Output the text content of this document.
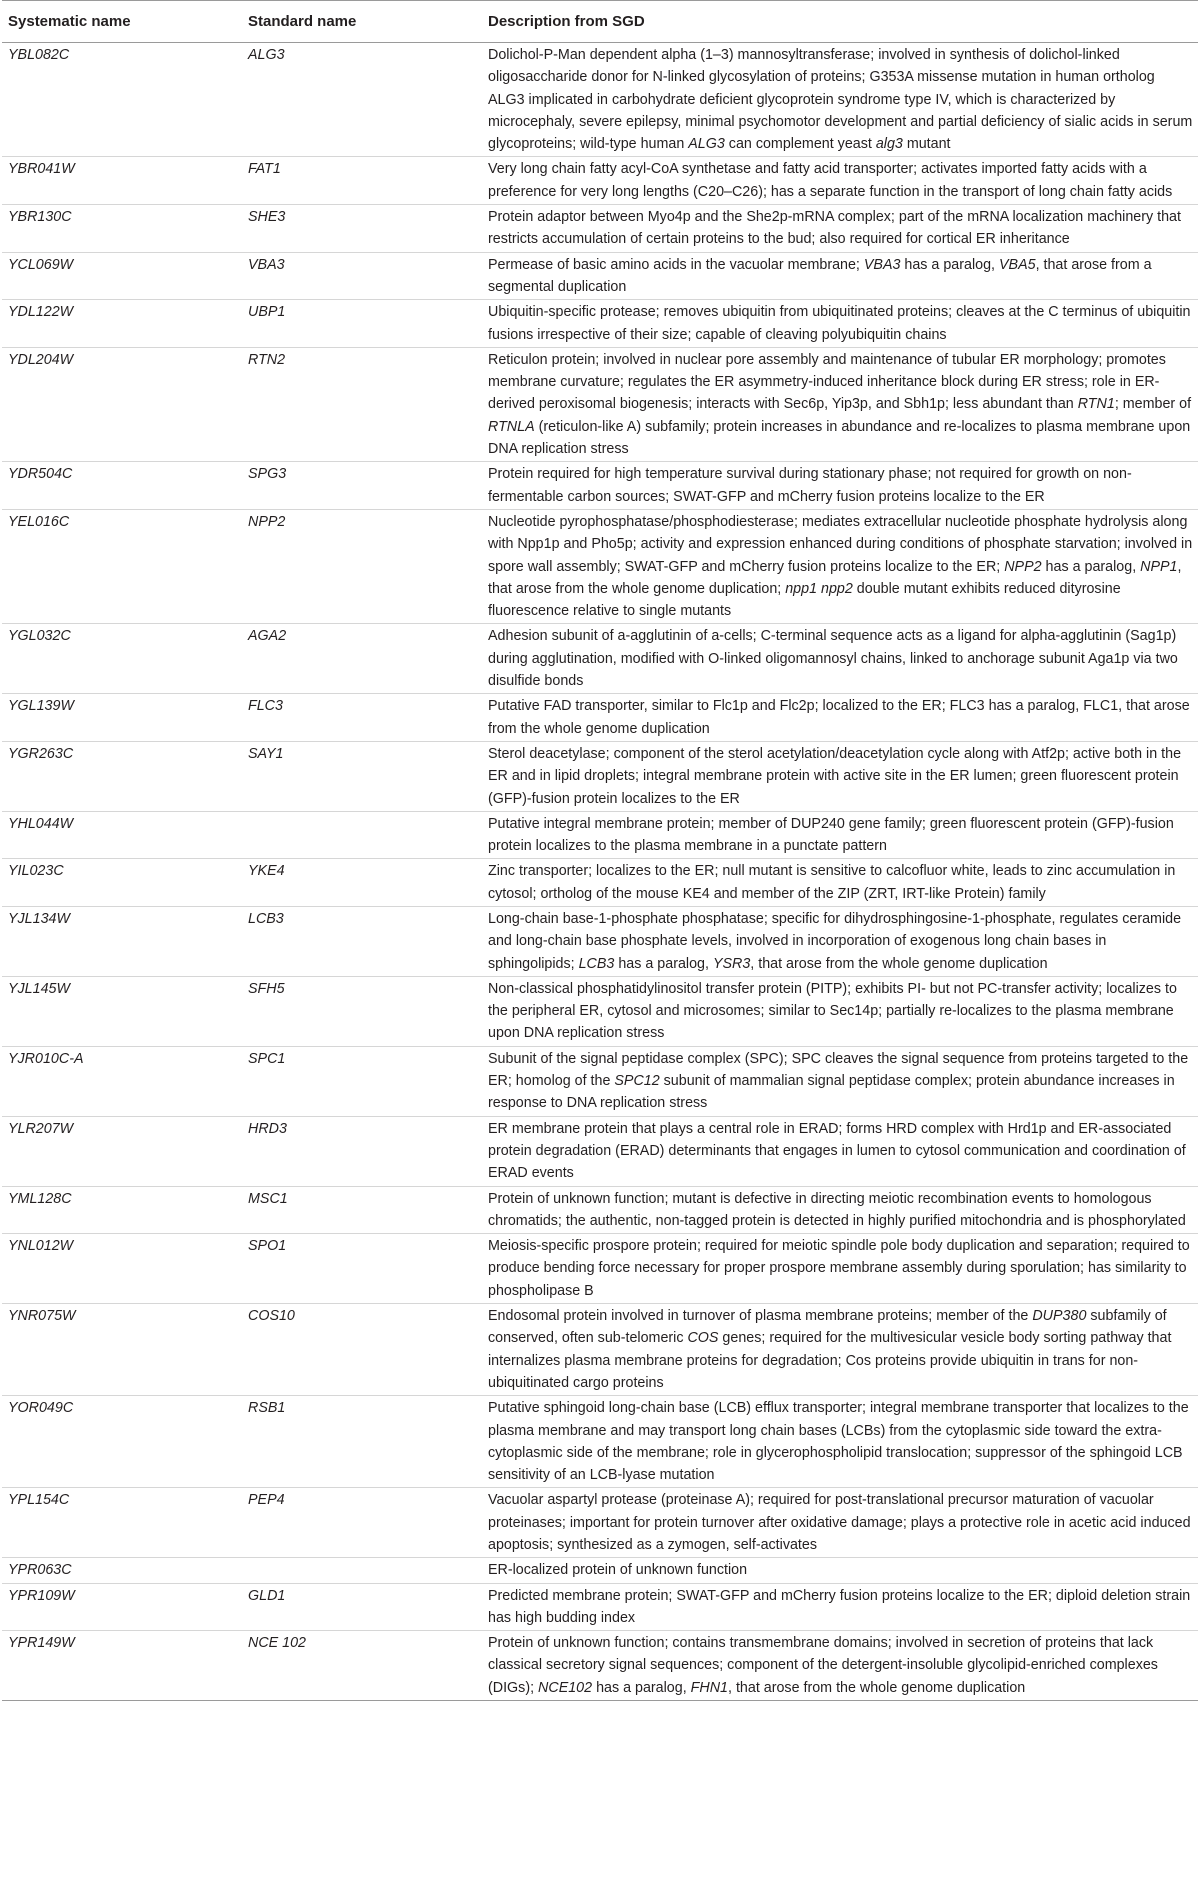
Systematic name	Standard name	Description from SGD
YBL082C	ALG3	Dolichol-P-Man dependent alpha (1–3) mannosyltransferase; involved in synthesis of dolichol-linked oligosaccharide donor for N-linked glycosylation of proteins; G353A missense mutation in human ortholog ALG3 implicated in carbohydrate deficient glycoprotein syndrome type IV, which is characterized by microcephaly, severe epilepsy, minimal psychomotor development and partial deficiency of sialic acids in serum glycoproteins; wild-type human ALG3 can complement yeast alg3 mutant
YBR041W	FAT1	Very long chain fatty acyl-CoA synthetase and fatty acid transporter; activates imported fatty acids with a preference for very long lengths (C20–C26); has a separate function in the transport of long chain fatty acids
YBR130C	SHE3	Protein adaptor between Myo4p and the She2p-mRNA complex; part of the mRNA localization machinery that restricts accumulation of certain proteins to the bud; also required for cortical ER inheritance
YCL069W	VBA3	Permease of basic amino acids in the vacuolar membrane; VBA3 has a paralog, VBA5, that arose from a segmental duplication
YDL122W	UBP1	Ubiquitin-specific protease; removes ubiquitin from ubiquitinated proteins; cleaves at the C terminus of ubiquitin fusions irrespective of their size; capable of cleaving polyubiquitin chains
YDL204W	RTN2	Reticulon protein; involved in nuclear pore assembly and maintenance of tubular ER morphology; promotes membrane curvature; regulates the ER asymmetry-induced inheritance block during ER stress; role in ER-derived peroxisomal biogenesis; interacts with Sec6p, Yip3p, and Sbh1p; less abundant than RTN1; member of RTNLA (reticulon-like A) subfamily; protein increases in abundance and re-localizes to plasma membrane upon DNA replication stress
YDR504C	SPG3	Protein required for high temperature survival during stationary phase; not required for growth on non-fermentable carbon sources; SWAT-GFP and mCherry fusion proteins localize to the ER
YEL016C	NPP2	Nucleotide pyrophosphatase/phosphodiesterase; mediates extracellular nucleotide phosphate hydrolysis along with Npp1p and Pho5p; activity and expression enhanced during conditions of phosphate starvation; involved in spore wall assembly; SWAT-GFP and mCherry fusion proteins localize to the ER; NPP2 has a paralog, NPP1, that arose from the whole genome duplication; npp1 npp2 double mutant exhibits reduced dityrosine fluorescence relative to single mutants
YGL032C	AGA2	Adhesion subunit of a-agglutinin of a-cells; C-terminal sequence acts as a ligand for alpha-agglutinin (Sag1p) during agglutination, modified with O-linked oligomannosyl chains, linked to anchorage subunit Aga1p via two disulfide bonds
YGL139W	FLC3	Putative FAD transporter, similar to Flc1p and Flc2p; localized to the ER; FLC3 has a paralog, FLC1, that arose from the whole genome duplication
YGR263C	SAY1	Sterol deacetylase; component of the sterol acetylation/deacetylation cycle along with Atf2p; active both in the ER and in lipid droplets; integral membrane protein with active site in the ER lumen; green fluorescent protein (GFP)-fusion protein localizes to the ER
YHL044W		Putative integral membrane protein; member of DUP240 gene family; green fluorescent protein (GFP)-fusion protein localizes to the plasma membrane in a punctate pattern
YIL023C	YKE4	Zinc transporter; localizes to the ER; null mutant is sensitive to calcofluor white, leads to zinc accumulation in cytosol; ortholog of the mouse KE4 and member of the ZIP (ZRT, IRT-like Protein) family
YJL134W	LCB3	Long-chain base-1-phosphate phosphatase; specific for dihydrosphingosine-1-phosphate, regulates ceramide and long-chain base phosphate levels, involved in incorporation of exogenous long chain bases in sphingolipids; LCB3 has a paralog, YSR3, that arose from the whole genome duplication
YJL145W	SFH5	Non-classical phosphatidylinositol transfer protein (PITP); exhibits PI- but not PC-transfer activity; localizes to the peripheral ER, cytosol and microsomes; similar to Sec14p; partially re-localizes to the plasma membrane upon DNA replication stress
YJR010C-A	SPC1	Subunit of the signal peptidase complex (SPC); SPC cleaves the signal sequence from proteins targeted to the ER; homolog of the SPC12 subunit of mammalian signal peptidase complex; protein abundance increases in response to DNA replication stress
YLR207W	HRD3	ER membrane protein that plays a central role in ERAD; forms HRD complex with Hrd1p and ER-associated protein degradation (ERAD) determinants that engages in lumen to cytosol communication and coordination of ERAD events
YML128C	MSC1	Protein of unknown function; mutant is defective in directing meiotic recombination events to homologous chromatids; the authentic, non-tagged protein is detected in highly purified mitochondria and is phosphorylated
YNL012W	SPO1	Meiosis-specific prospore protein; required for meiotic spindle pole body duplication and separation; required to produce bending force necessary for proper prospore membrane assembly during sporulation; has similarity to phospholipase B
YNR075W	COS10	Endosomal protein involved in turnover of plasma membrane proteins; member of the DUP380 subfamily of conserved, often sub-telomeric COS genes; required for the multivesicular vesicle body sorting pathway that internalizes plasma membrane proteins for degradation; Cos proteins provide ubiquitin in trans for non-ubiquitinated cargo proteins
YOR049C	RSB1	Putative sphingoid long-chain base (LCB) efflux transporter; integral membrane transporter that localizes to the plasma membrane and may transport long chain bases (LCBs) from the cytoplasmic side toward the extra-cytoplasmic side of the membrane; role in glycerophospholipid translocation; suppressor of the sphingoid LCB sensitivity of an LCB-lyase mutation
YPL154C	PEP4	Vacuolar aspartyl protease (proteinase A); required for post-translational precursor maturation of vacuolar proteinases; important for protein turnover after oxidative damage; plays a protective role in acetic acid induced apoptosis; synthesized as a zymogen, self-activates
YPR063C		ER-localized protein of unknown function
YPR109W	GLD1	Predicted membrane protein; SWAT-GFP and mCherry fusion proteins localize to the ER; diploid deletion strain has high budding index
YPR149W	NCE 102	Protein of unknown function; contains transmembrane domains; involved in secretion of proteins that lack classical secretory signal sequences; component of the detergent-insoluble glycolipid-enriched complexes (DIGs); NCE102 has a paralog, FHN1, that arose from the whole genome duplication
